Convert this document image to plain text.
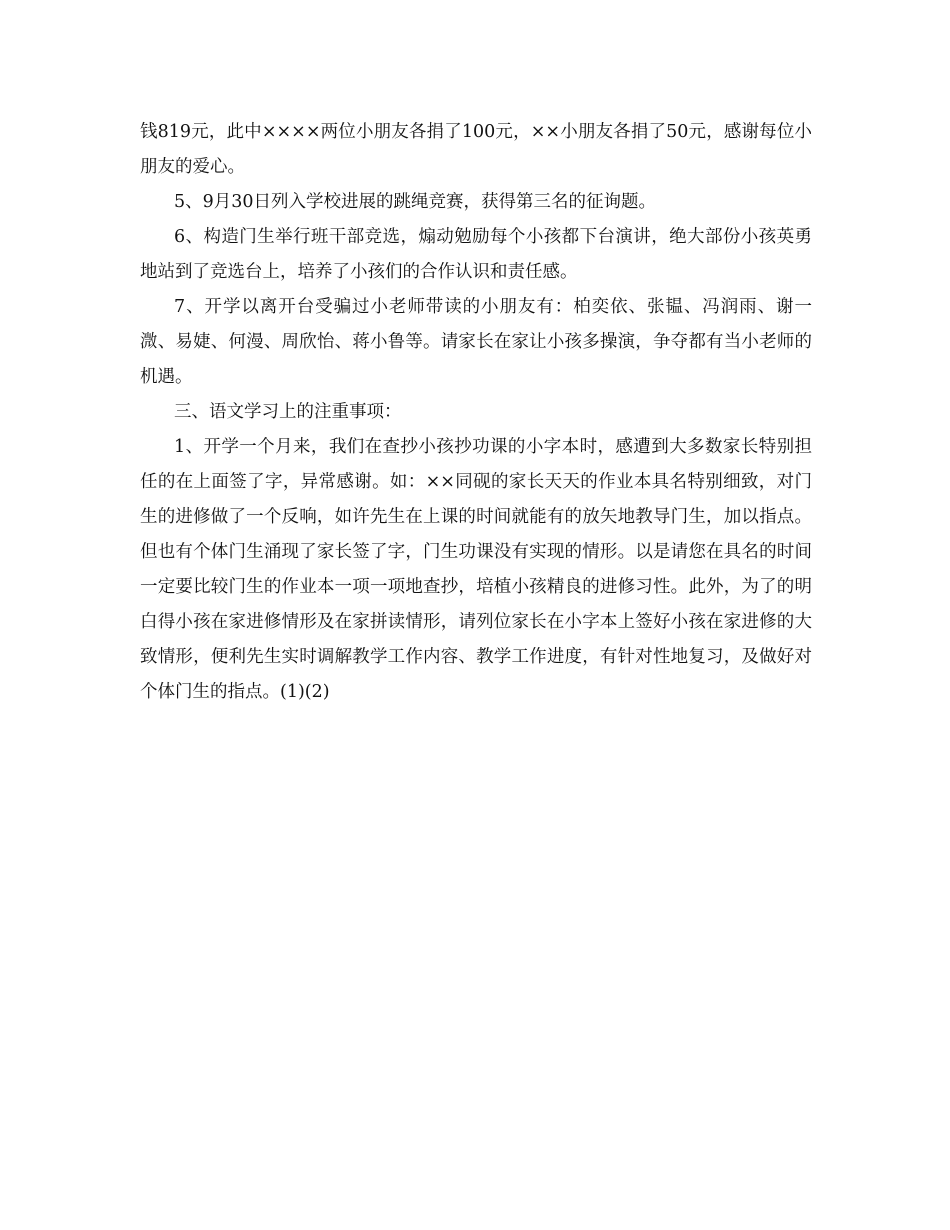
钱819元，此中××××两位小朋友各捐了100元，××小朋友各捐了50元，感谢每位小朋友的爱心。

5、9月30日列入学校进展的跳绳竞赛，获得第三名的征询题。

6、构造门生举行班干部竞选，煽动勉励每个小孩都下台演讲，绝大部份小孩英勇地站到了竞选台上，培养了小孩们的合作认识和责任感。

7、开学以离开台受骗过小老师带读的小朋友有：柏奕依、张韫、冯润雨、谢一溦、易婕、何漫、周欣怡、蒋小鲁等。请家长在家让小孩多操演，争夺都有当小老师的机遇。

三、语文学习上的注重事项：

1、开学一个月来，我们在查抄小孩抄功课的小字本时，感遭到大多数家长特别担任的在上面签了字，异常感谢。如：××同砚的家长天天的作业本具名特别细致，对门生的进修做了一个反响，如许先生在上课的时间就能有的放矢地教导门生，加以指点。但也有个体门生涌现了家长签了字，门生功课没有实现的情形。以是请您在具名的时间一定要比较门生的作业本一项一项地查抄，培植小孩精良的进修习性。此外，为了的明白得小孩在家进修情形及在家拼读情形，请列位家长在小字本上签好小孩在家进修的大致情形，便利先生实时调解教学工作内容、教学工作进度，有针对性地复习，及做好对个体门生的指点。(1)(2)
